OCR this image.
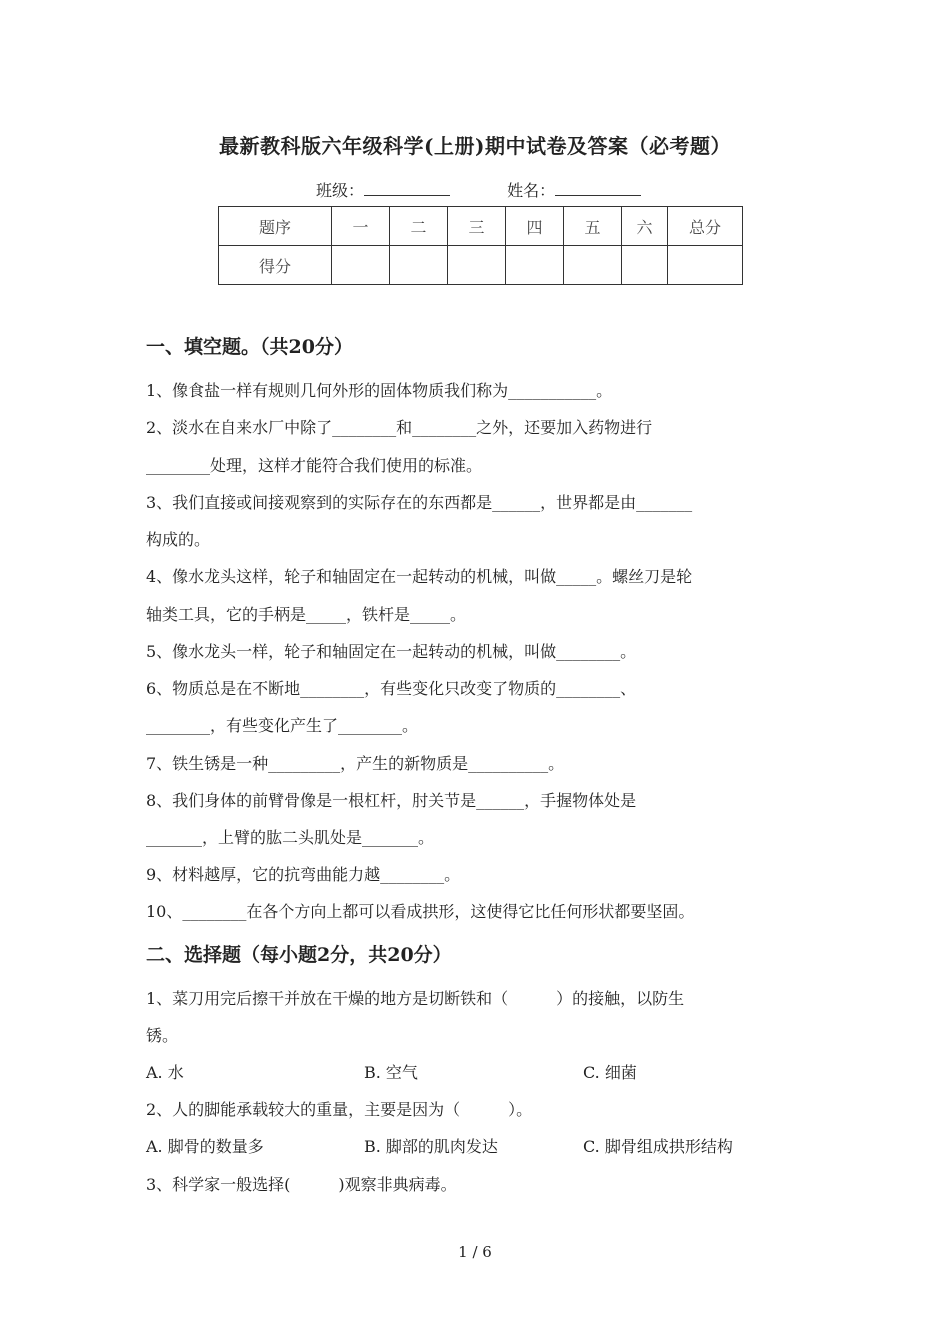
最新教科版六年级科学(上册)期中试卷及答案（必考题）
班级：	姓名：
题序	一	二	三	四	五	六	总分
得分							
一、填空题。（共20分）
1、像食盐一样有规则几何外形的固体物质我们称为___________。
2、淡水在自来水厂中除了________和________之外，还要加入药物进行
________处理，这样才能符合我们使用的标准。
3、我们直接或间接观察到的实际存在的东西都是______，世界都是由_______
构成的。
4、像水龙头这样，轮子和轴固定在一起转动的机械，叫做_____。螺丝刀是轮
轴类工具，它的手柄是_____，铁杆是_____。
5、像水龙头一样，轮子和轴固定在一起转动的机械，叫做________。
6、物质总是在不断地________，有些变化只改变了物质的________、
________，有些变化产生了________。
7、铁生锈是一种_________，产生的新物质是__________。
8、我们身体的前臂骨像是一根杠杆，肘关节是______，手握物体处是
_______，上臂的肱二头肌处是_______。
9、材料越厚，它的抗弯曲能力越________。
10、________在各个方向上都可以看成拱形，这使得它比任何形状都要坚固。
二、选择题（每小题2分，共20分）
1、菜刀用完后擦干并放在干燥的地方是切断铁和（　　　）的接触，以防生
锈。
A. 水	B. 空气	C. 细菌
2、人的脚能承载较大的重量，主要是因为（　　　）。
A. 脚骨的数量多	B. 脚部的肌肉发达	C. 脚骨组成拱形结构
3、科学家一般选择(　　　)观察非典病毒。
1 / 6
